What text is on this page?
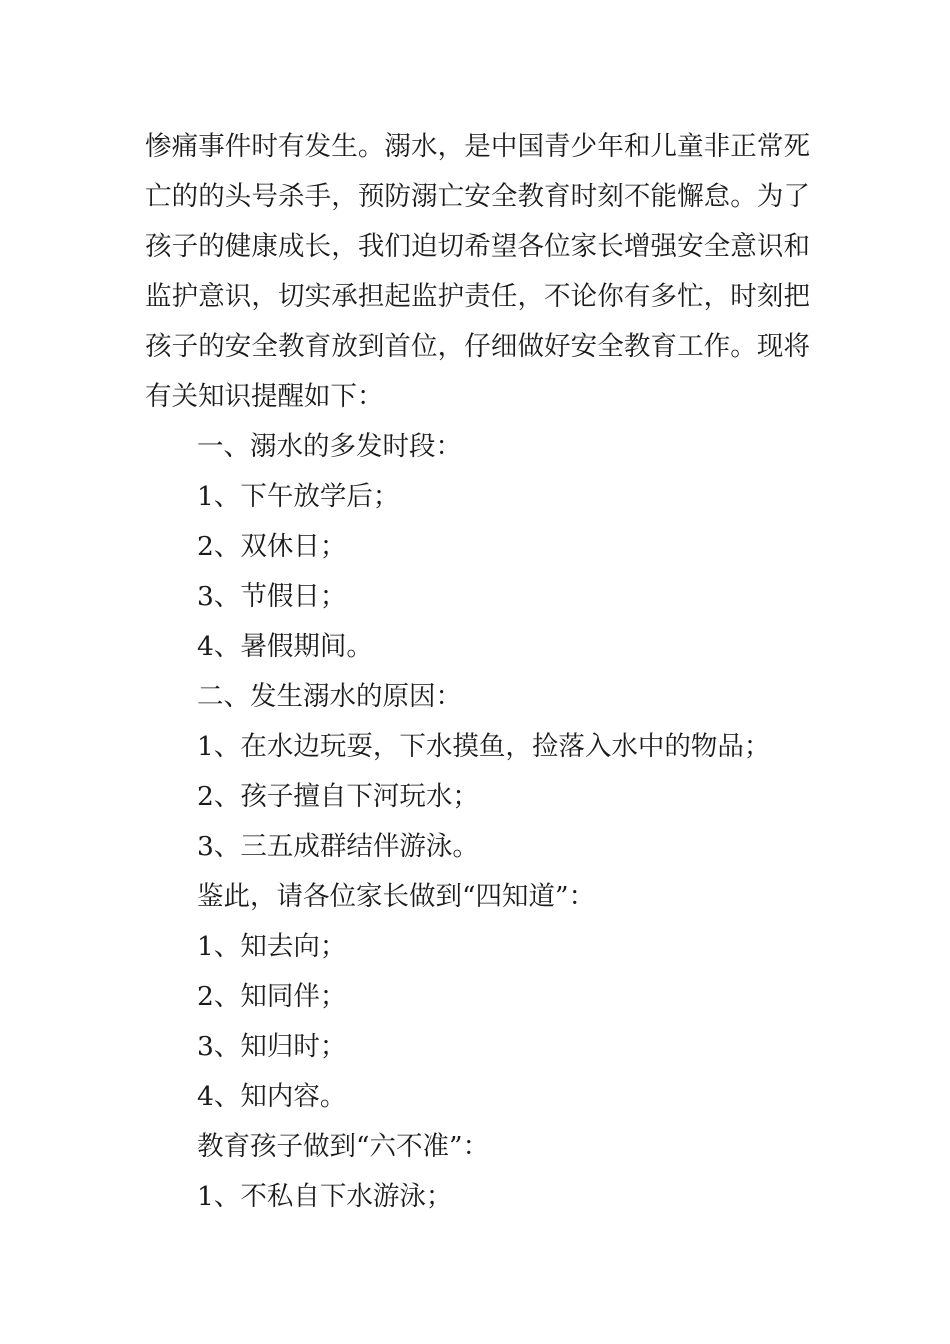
惨痛事件时有发生。溺水，是中国青少年和儿童非正常死亡的的头号杀手，预防溺亡安全教育时刻不能懈怠。为了孩子的健康成长，我们迫切希望各位家长增强安全意识和监护意识，切实承担起监护责任，不论你有多忙，时刻把孩子的安全教育放到首位，仔细做好安全教育工作。现将有关知识提醒如下：

一、溺水的多发时段：

1、下午放学后；

2、双休日；

3、节假日；

4、暑假期间。

二、发生溺水的原因：

1、在水边玩耍，下水摸鱼，捡落入水中的物品；

2、孩子擅自下河玩水；

3、三五成群结伴游泳。

鉴此，请各位家长做到“四知道”：

1、知去向；

2、知同伴；

3、知归时；

4、知内容。

教育孩子做到“六不准”：

1、不私自下水游泳；
